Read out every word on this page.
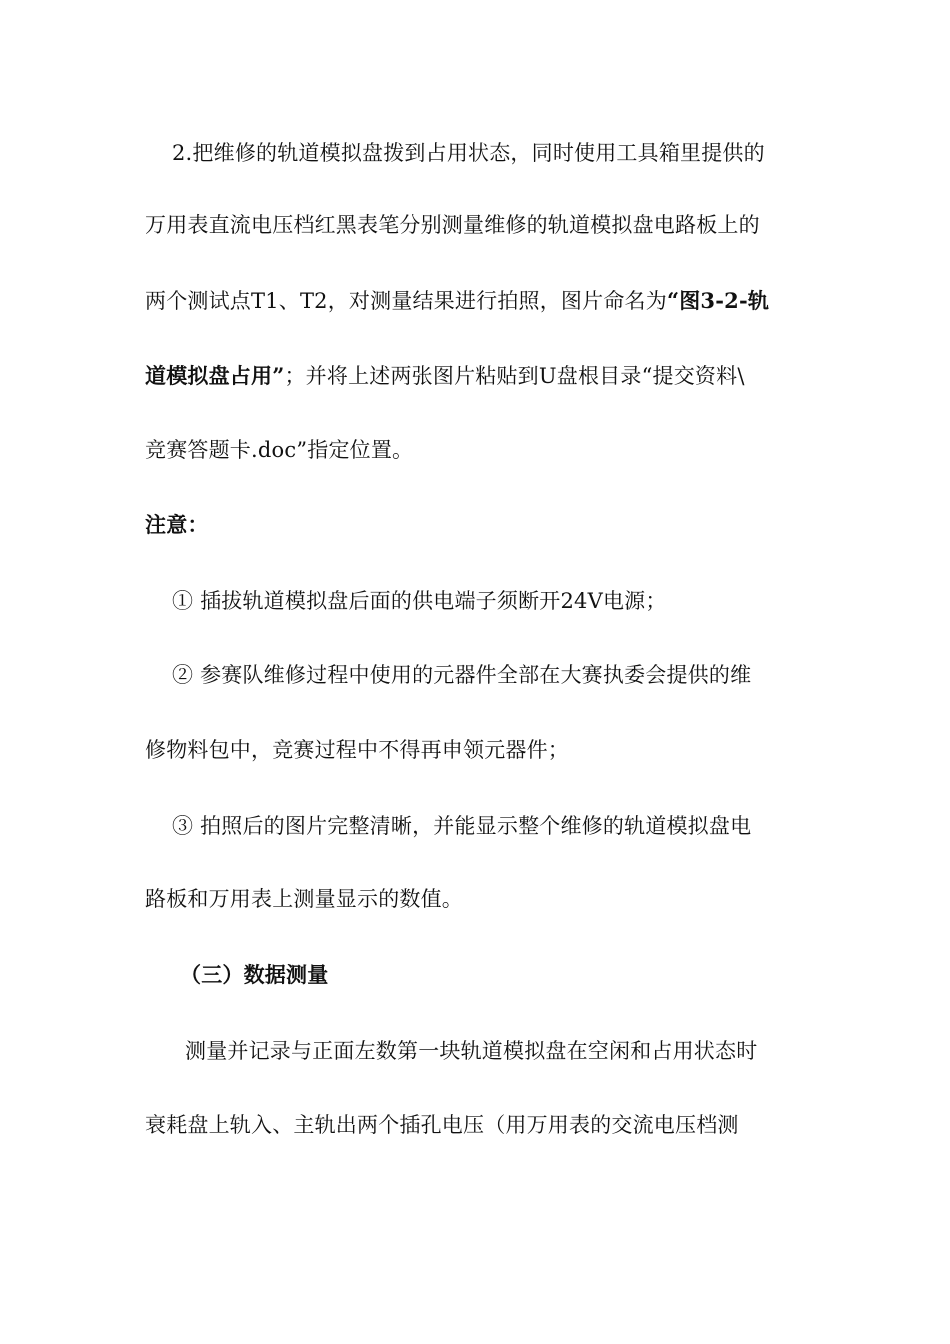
2.把维修的轨道模拟盘拨到占用状态，同时使用工具箱里提供的
万用表直流电压档红黑表笔分别测量维修的轨道模拟盘电路板上的
两个测试点T1、T2，对测量结果进行拍照，图片命名为“图3-2-轨
道模拟盘占用”；并将上述两张图片粘贴到U盘根目录“提交资料\
竞赛答题卡.doc”指定位置。
注意：
① 插拔轨道模拟盘后面的供电端子须断开24V电源；
② 参赛队维修过程中使用的元器件全部在大赛执委会提供的维
修物料包中，竞赛过程中不得再申领元器件；
③ 拍照后的图片完整清晰，并能显示整个维修的轨道模拟盘电
路板和万用表上测量显示的数值。
（三）数据测量
测量并记录与正面左数第一块轨道模拟盘在空闲和占用状态时
衰耗盘上轨入、主轨出两个插孔电压（用万用表的交流电压档测
